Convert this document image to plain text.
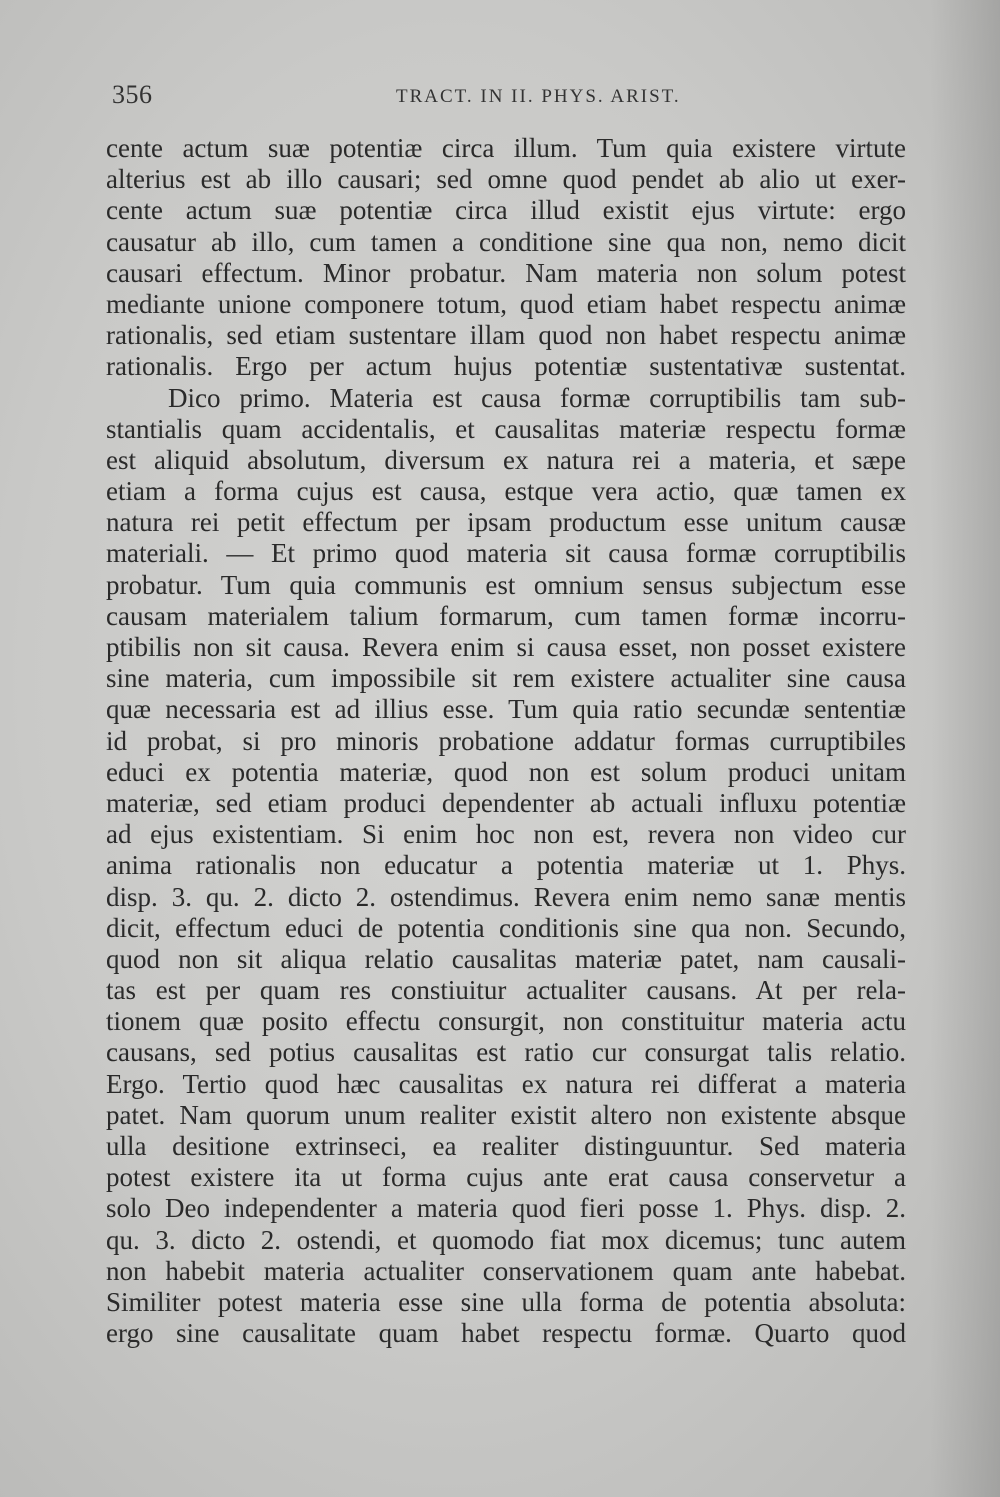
356	TRACT. IN II. PHYS. ARIST.
cente actum suæ potentiæ circa illum. Tum quia existere virtute
alterius est ab illo causari; sed omne quod pendet ab alio ut exer-
cente actum suæ potentiæ circa illud existit ejus virtute: ergo
causatur ab illo, cum tamen a conditione sine qua non, nemo dicit
causari effectum. Minor probatur. Nam materia non solum potest
mediante unione componere totum, quod etiam habet respectu animæ
rationalis, sed etiam sustentare illam quod non habet respectu animæ
rationalis. Ergo per actum hujus potentiæ sustentativæ sustentat.
Dico primo. Materia est causa formæ corruptibilis tam sub-
stantialis quam accidentalis, et causalitas materiæ respectu formæ
est aliquid absolutum, diversum ex natura rei a materia, et sæpe
etiam a forma cujus est causa, estque vera actio, quæ tamen ex
natura rei petit effectum per ipsam productum esse unitum causæ
materiali. — Et primo quod materia sit causa formæ corruptibilis
probatur. Tum quia communis est omnium sensus subjectum esse
causam materialem talium formarum, cum tamen formæ incorru-
ptibilis non sit causa. Revera enim si causa esset, non posset existere
sine materia, cum impossibile sit rem existere actualiter sine causa
quæ necessaria est ad illius esse. Tum quia ratio secundæ sententiæ
id probat, si pro minoris probatione addatur formas curruptibiles
educi ex potentia materiæ, quod non est solum produci unitam
materiæ, sed etiam produci dependenter ab actuali influxu potentiæ
ad ejus existentiam. Si enim hoc non est, revera non video cur
anima rationalis non educatur a potentia materiæ ut 1. Phys.
disp. 3. qu. 2. dicto 2. ostendimus. Revera enim nemo sanæ mentis
dicit, effectum educi de potentia conditionis sine qua non. Secundo,
quod non sit aliqua relatio causalitas materiæ patet, nam causali-
tas est per quam res constiuitur actualiter causans. At per rela-
tionem quæ posito effectu consurgit, non constituitur materia actu
causans, sed potius causalitas est ratio cur consurgat talis relatio.
Ergo. Tertio quod hæc causalitas ex natura rei differat a materia
patet. Nam quorum unum realiter existit altero non existente absque
ulla desitione extrinseci, ea realiter distinguuntur. Sed materia
potest existere ita ut forma cujus ante erat causa conservetur a
solo Deo independenter a materia quod fieri posse 1. Phys. disp. 2.
qu. 3. dicto 2. ostendi, et quomodo fiat mox dicemus; tunc autem
non habebit materia actualiter conservationem quam ante habebat.
Similiter potest materia esse sine ulla forma de potentia absoluta:
ergo sine causalitate quam habet respectu formæ. Quarto quod
